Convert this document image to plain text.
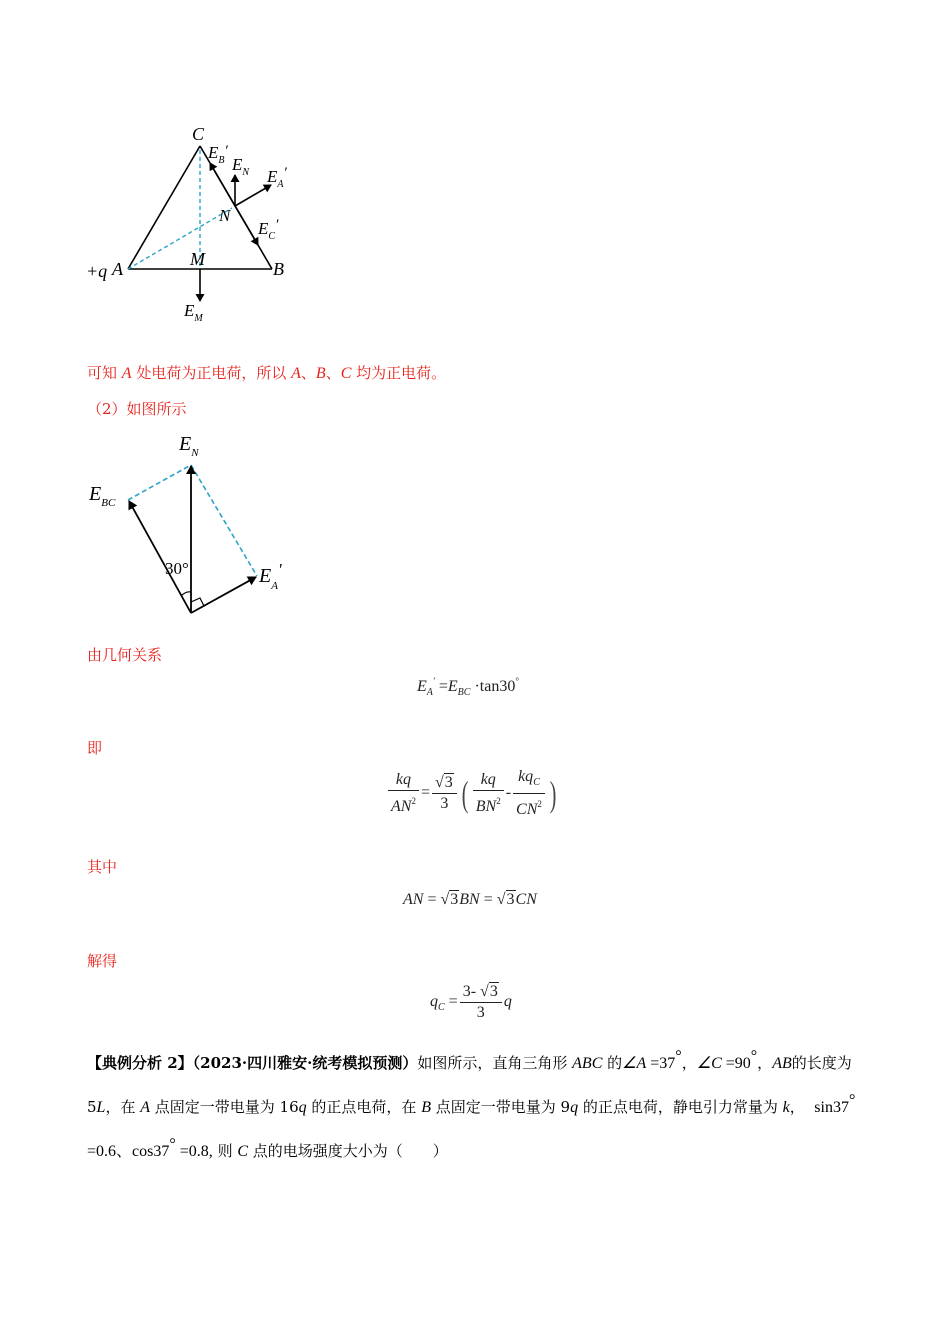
C
$E_B'$
$E_N$ $E_A'$
N
$E_C'$
+q A	M	B
$E_M$
可知 A 处电荷为正电荷，所以 A、B、C 均为正电荷。
（2）如图所示
$E_N$
$E_{BC}$
30°	$E_A'$
由几何关系
$E_A' =E_{BC} \cdot\tan 30^\circ$
即
$\frac{kq}{AN^2} = \frac{√3}{3}$ ( $\frac{kq}{BN^2} - \frac{kq_C}{CN^2}$ )
其中
AN = √3BN = √3CN
解得
$q_C = \frac{3- √3}{3}$ q
【典例分析 2】（2023·四川雅安·统考模拟预测）如图所示，直角三角形 ABC 的∠A =37°，∠C =90°，AB的长度为 5L，在 A 点固定一带电量为 16q 的正点电荷，在 B 点固定一带电量为 9q 的正点电荷，静电引力常量为 k， sin37° =0.6、cos37° =0.8, 则 C 点的电场强度大小为（　　）
